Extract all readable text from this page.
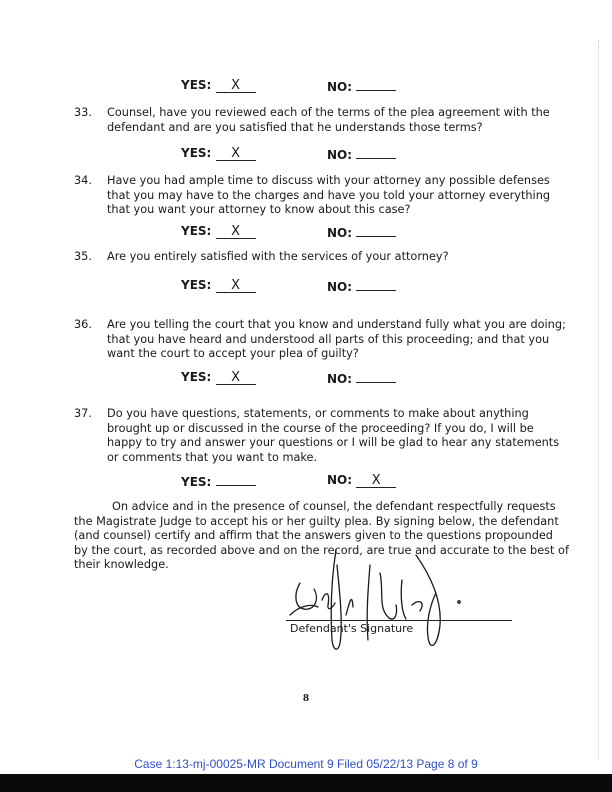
YES: X	NO:
33. Counsel, have you reviewed each of the terms of the plea agreement with the defendant and are you satisfied that he understands those terms?
YES: X	NO:
34. Have you had ample time to discuss with your attorney any possible defenses that you may have to the charges and have you told your attorney everything that you want your attorney to know about this case?
YES: X	NO:
35. Are you entirely satisfied with the services of your attorney?
YES: X	NO:
36. Are you telling the court that you know and understand fully what you are doing; that you have heard and understood all parts of this proceeding; and that you want the court to accept your plea of guilty?
YES: X	NO:
37. Do you have questions, statements, or comments to make about anything brought up or discussed in the course of the proceeding? If you do, I will be happy to try and answer your questions or I will be glad to hear any statements or comments that you want to make.
YES:	NO: X
On advice and in the presence of counsel, the defendant respectfully requests the Magistrate Judge to accept his or her guilty plea. By signing below, the defendant (and counsel) certify and affirm that the answers given to the questions propounded by the court, as recorded above and on the record, are true and accurate to the best of their knowledge.
Defendant's Signature
8
Case 1:13-mj-00025-MR Document 9 Filed 05/22/13 Page 8 of 9
